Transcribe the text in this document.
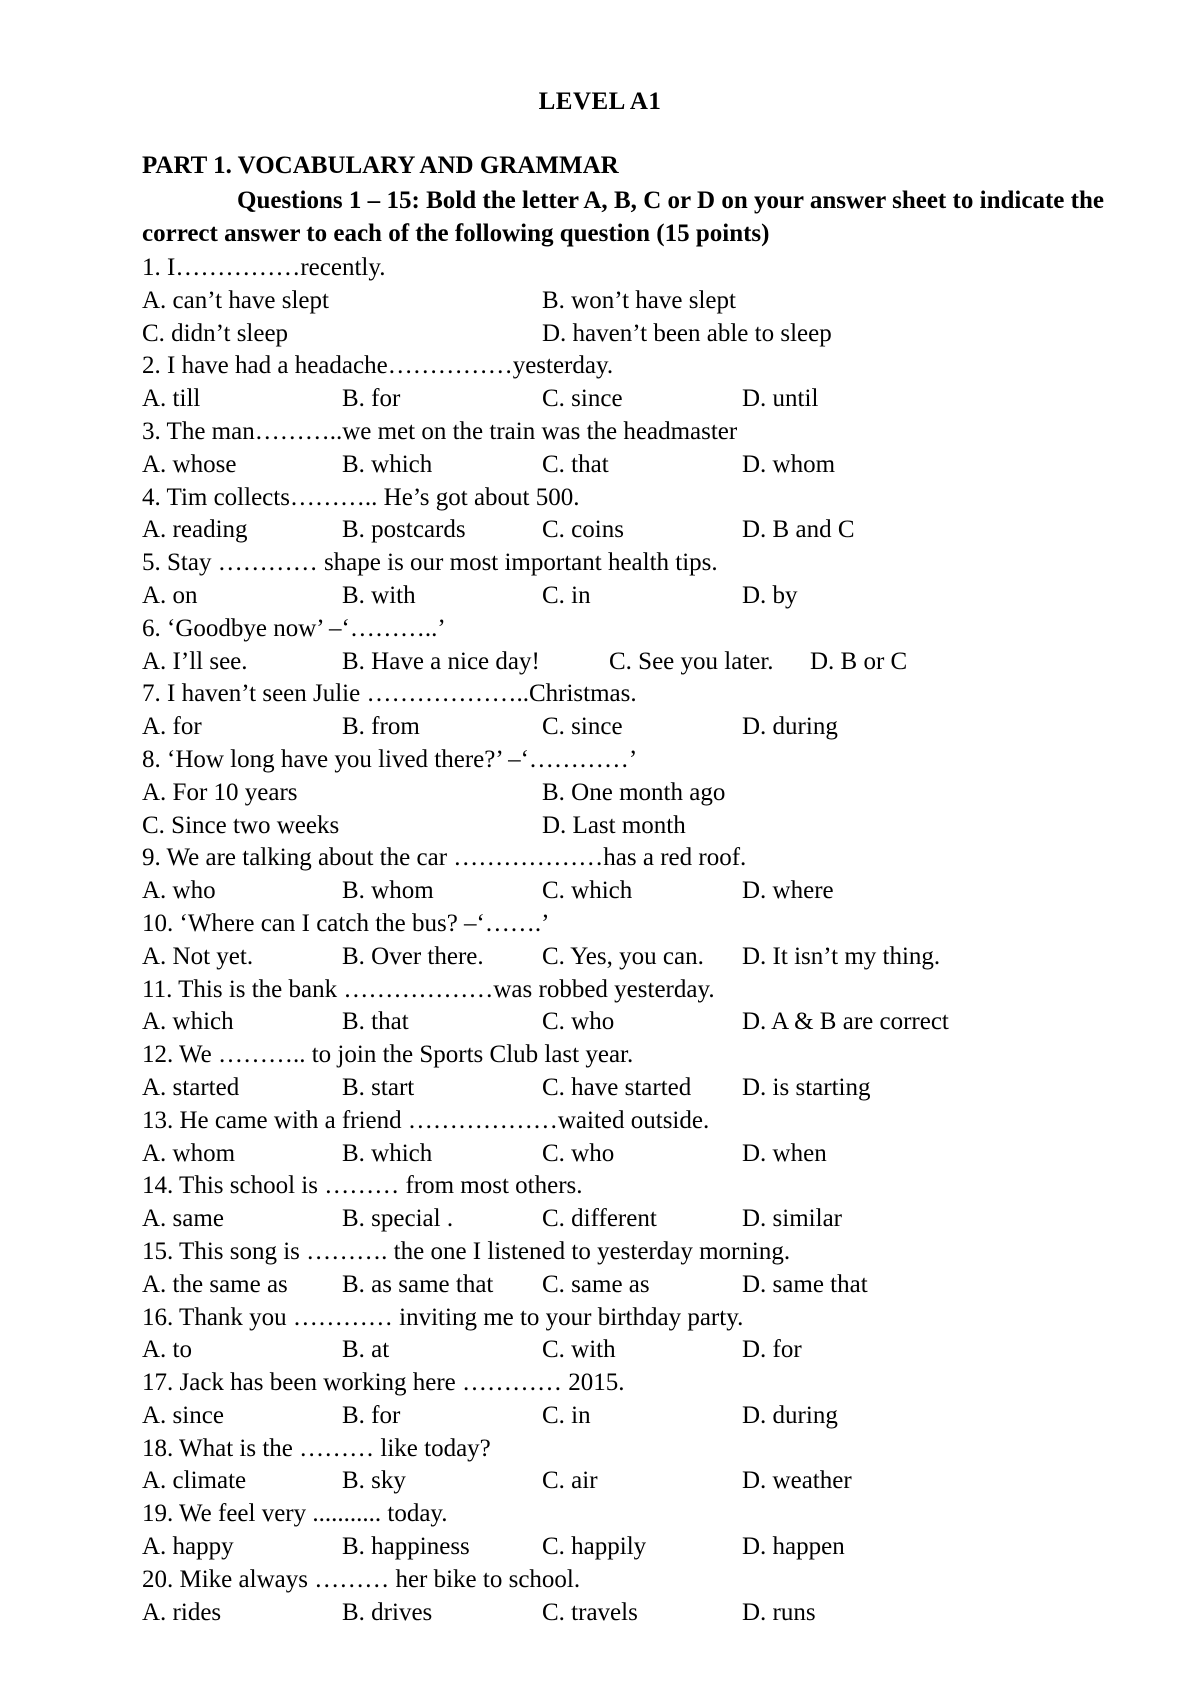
LEVEL A1
PART 1. VOCABULARY AND GRAMMAR
Questions 1 – 15: Bold the letter A, B, C or D on your answer sheet to indicate the correct answer to each of the following question (15 points)
1. I……………recently.
A. can’t have slept	B. won’t have slept
C. didn’t sleep	D. haven’t been able to sleep
2. I have had a headache……………yesterday.
A. till	B. for	C. since	D. until
3. The man………..we met on the train was the headmaster
A. whose	B. which	C. that	D. whom
4. Tim collects……….. He’s got about 500.
A. reading	B. postcards	C. coins	D. B and C
5. Stay ………… shape is our most important health tips.
A. on	B. with	C. in	D. by
6. ‘Goodbye now’ –‘………..’
A. I’ll see.	B. Have a nice day!	C. See you later. D. B or C
7. I haven’t seen Julie ………………..Christmas.
A. for	B. from	C. since	D. during
8. ‘How long have you lived there?’ –‘…………’
A. For 10 years	B. One month ago
C. Since two weeks	D. Last month
9. We are talking about the car ………………has a red roof.
A. who	B. whom	C. which	D. where
10. ‘Where can I catch the bus? –‘…….’
A. Not yet.	B. Over there. C. Yes, you can. D. It isn’t my thing.
11. This is the bank ………………was robbed yesterday.
A. which	B. that	C. who	D. A & B are correct
12. We ……….. to join the Sports Club last year.
A. started	B. start	C. have started D. is starting
13. He came with a friend ………………waited outside.
A. whom	B. which	C. who	D. when
14. This school is ……… from most others.
A. same	B. special .	C. different	D. similar
15. This song is ………. the one I listened to yesterday morning.
A. the same as B. as same that C. same as	D. same that
16. Thank you ………… inviting me to your birthday party.
A. to	B. at	C. with	D. for
17. Jack has been working here ………… 2015.
A. since	B. for	C. in	D. during
18. What is the ……… like today?
A. climate	B. sky	C. air	D. weather
19. We feel very ........... today.
A. happy	B. happiness	C. happily	D. happen
20. Mike always ……… her bike to school.
A. rides	B. drives	C. travels	D. runs
